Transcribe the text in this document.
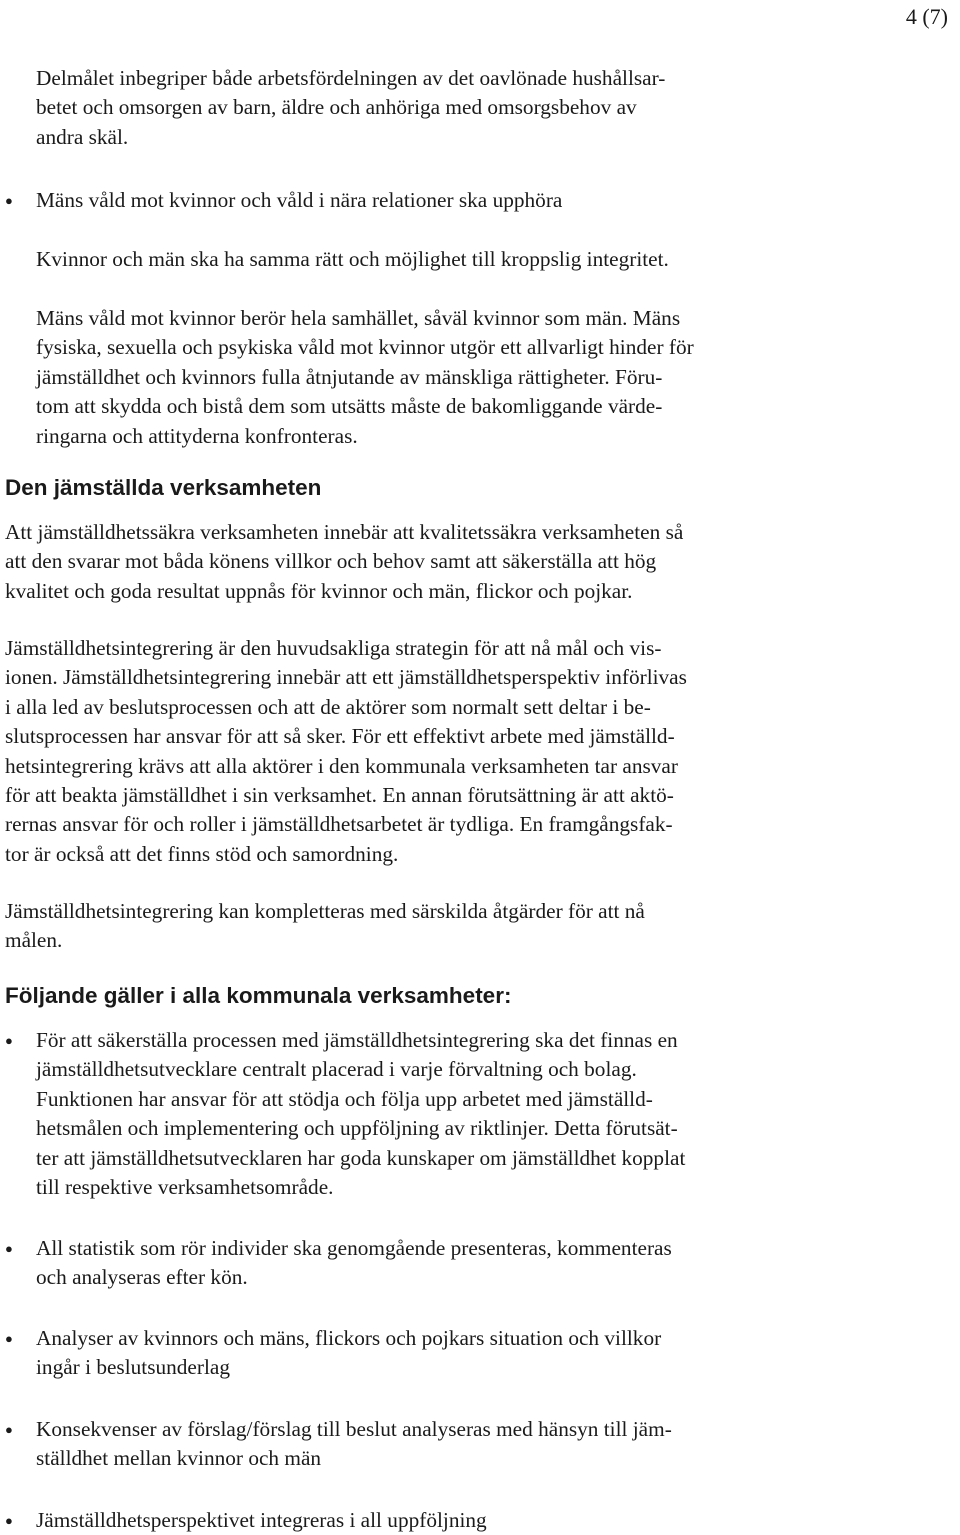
4 (7)

Delmålet inbegriper både arbetsfördelningen av det oavlönade hushållsar-
betet och omsorgen av barn, äldre och anhöriga med omsorgsbehov av
andra skäl.

● Mäns våld mot kvinnor och våld i nära relationer ska upphöra

Kvinnor och män ska ha samma rätt och möjlighet till kroppslig integritet.

Mäns våld mot kvinnor berör hela samhället, såväl kvinnor som män. Mäns
fysiska, sexuella och psykiska våld mot kvinnor utgör ett allvarligt hinder för
jämställdhet och kvinnors fulla åtnjutande av mänskliga rättigheter. Föru-
tom att skydda och bistå dem som utsätts måste de bakomliggande värde-
ringarna och attityderna konfronteras.

Den jämställda verksamheten

Att jämställdhetssäkra verksamheten innebär att kvalitetssäkra verksamheten så
att den svarar mot båda könens villkor och behov samt att säkerställa att hög
kvalitet och goda resultat uppnås för kvinnor och män, flickor och pojkar.

Jämställdhetsintegrering är den huvudsakliga strategin för att nå mål och vis-
ionen. Jämställdhetsintegrering innebär att ett jämställdhetsperspektiv införlivas
i alla led av beslutsprocessen och att de aktörer som normalt sett deltar i be-
slutsprocessen har ansvar för att så sker. För ett effektivt arbete med jämställd-
hetsintegrering krävs att alla aktörer i den kommunala verksamheten tar ansvar
för att beakta jämställdhet i sin verksamhet. En annan förutsättning är att aktö-
rernas ansvar för och roller i jämställdhetsarbetet är tydliga. En framgångsfak-
tor är också att det finns stöd och samordning.

Jämställdhetsintegrering kan kompletteras med särskilda åtgärder för att nå
målen.

Följande gäller i alla kommunala verksamheter:
● För att säkerställa processen med jämställdhetsintegrering ska det finnas en
jämställdhetsutvecklare centralt placerad i varje förvaltning och bolag.
Funktionen har ansvar för att stödja och följa upp arbetet med jämställd-
hetsmålen och implementering och uppföljning av riktlinjer. Detta förutsät-
ter att jämställdhetsutvecklaren har goda kunskaper om jämställdhet kopplat
till respektive verksamhetsområde.

● All statistik som rör individer ska genomgående presenteras, kommenteras
och analyseras efter kön.

● Analyser av kvinnors och mäns, flickors och pojkars situation och villkor
ingår i beslutsunderlag

● Konsekvenser av förslag/förslag till beslut analyseras med hänsyn till jäm-
ställdhet mellan kvinnor och män

● Jämställdhetsperspektivet integreras i all uppföljning
